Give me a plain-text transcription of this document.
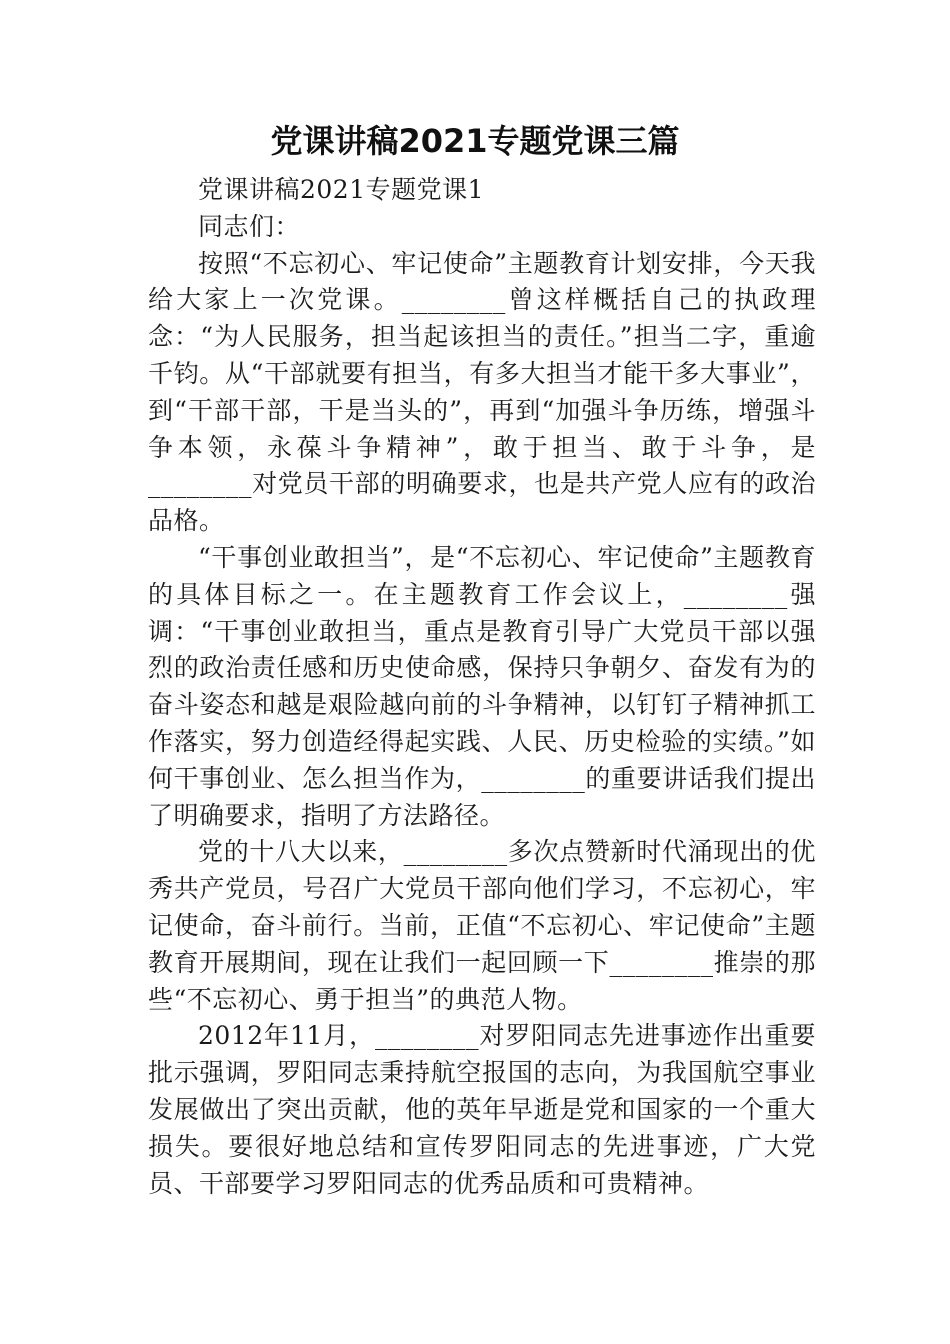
党课讲稿2021专题党课三篇

党课讲稿2021专题党课1

同志们：

按照“不忘初心、牢记使命”主题教育计划安排，今天我给大家上一次党课。________曾这样概括自己的执政理念：“为人民服务，担当起该担当的责任。”担当二字，重逾千钧。从“干部就要有担当，有多大担当才能干多大事业”，到“干部干部，干是当头的”，再到“加强斗争历练，增强斗争本领，永葆斗争精神”，敢于担当、敢于斗争，是________对党员干部的明确要求，也是共产党人应有的政治品格。

“干事创业敢担当”，是“不忘初心、牢记使命”主题教育的具体目标之一。在主题教育工作会议上，________强调：“干事创业敢担当，重点是教育引导广大党员干部以强烈的政治责任感和历史使命感，保持只争朝夕、奋发有为的奋斗姿态和越是艰险越向前的斗争精神，以钉钉子精神抓工作落实，努力创造经得起实践、人民、历史检验的实绩。”如何干事创业、怎么担当作为，________的重要讲话我们提出了明确要求，指明了方法路径。

党的十八大以来，________多次点赞新时代涌现出的优秀共产党员，号召广大党员干部向他们学习，不忘初心，牢记使命，奋斗前行。当前，正值“不忘初心、牢记使命”主题教育开展期间，现在让我们一起回顾一下________推崇的那些“不忘初心、勇于担当”的典范人物。

2012年11月，________对罗阳同志先进事迹作出重要批示强调，罗阳同志秉持航空报国的志向，为我国航空事业发展做出了突出贡献，他的英年早逝是党和国家的一个重大损失。要很好地总结和宣传罗阳同志的先进事迹，广大党员、干部要学习罗阳同志的优秀品质和可贵精神。
